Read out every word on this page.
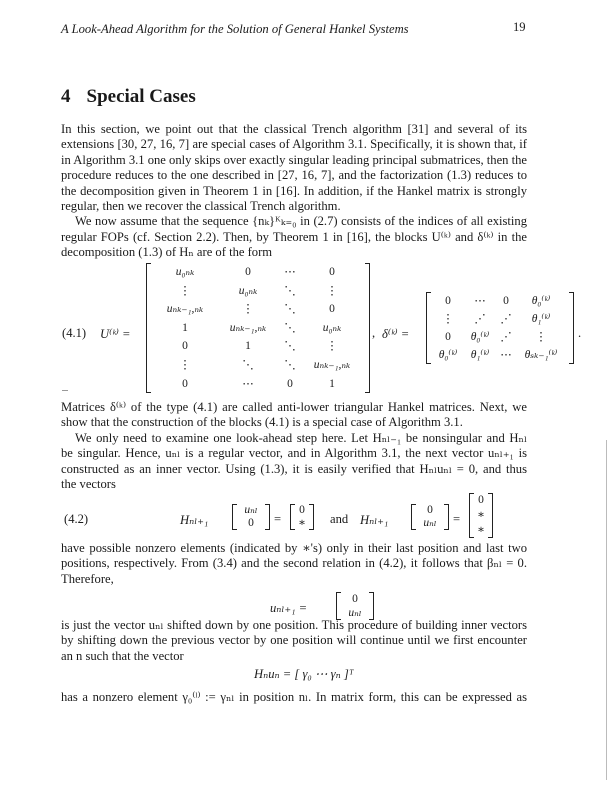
A Look-Ahead Algorithm for the Solution of General Hankel Systems	19
4 Special Cases
In this section, we point out that the classical Trench algorithm [31] and several of its
extensions [30, 27, 16, 7] are special cases of Algorithm 3.1. Specifically, it is shown that, if
in Algorithm 3.1 one only skips over exactly singular leading principal submatrices, then the
procedure reduces to the one described in [27, 16, 7], and the factorization (1.3) reduces to
the decomposition given in Theorem 1 in [16]. In addition, if the Hankel matrix is strongly
regular, then we recover the classical Trench algorithm.
We now assume that the sequence {nₖ}ᴷₖ₌₀ in (2.7) consists of the indices of all existing
regular FOPs (cf. Section 2.2). Then, by Theorem 1 in [16], the blocks U⁽ᵏ⁾ and δ⁽ᵏ⁾ in the
decomposition (1.3) of Hₙ are of the form
(4.1) U⁽ᵏ⁾ =
u₀ₙₖ	0	⋯	0
⋮	u₀ₙₖ	⋱	⋮
uₙₖ₋₁,ₙₖ	⋮	⋱	0
1	uₙₖ₋₁,ₙₖ	⋱	u₀ₙₖ
0	1	⋱	⋮
⋮	⋱	⋱	uₙₖ₋₁,ₙₖ
0	⋯	0	1
, δ⁽ᵏ⁾ =
0	⋯	0	θ₀⁽ᵏ⁾
⋮	⋰	⋰	θ₁⁽ᵏ⁾
0	θ₀⁽ᵏ⁾ ⋰	⋮
θ₀⁽ᵏ⁾	θ₁⁽ᵏ⁾ ⋯	θₛₖ₋₁⁽ᵏ⁾
.
Matrices δ⁽ᵏ⁾ of the type (4.1) are called anti-lower triangular Hankel matrices. Next, we
show that the construction of the blocks (4.1) is a special case of Algorithm 3.1.
We only need to examine one look-ahead step here. Let Hₙₗ₋₁ be nonsingular and Hₙₗ
be singular. Hence, uₙₗ is a regular vector, and in Algorithm 3.1, the next vector uₙₗ₊₁ is
constructed as an inner vector. Using (1.3), it is easily verified that Hₙₗuₙₗ = 0, and thus
the vectors
(4.2)	Hₙₗ₊₁
uₙₗ
0	=
0
∗ and Hₙₗ₊₁
0
uₙₗ	=
0
∗
∗
have possible nonzero elements (indicated by ∗'s) only in their last position and last two
positions, respectively. From (3.4) and the second relation in (4.2), it follows that βₙₗ = 0.
Therefore,
uₙₗ₊₁ =
0
uₙₗ
is just the vector uₙₗ shifted down by one position. This procedure of building inner vectors
by shifting down the previous vector by one position will continue until we first encounter
an n such that the vector
Hₙuₙ = [ γ₀ ⋯ γₙ ]ᵀ
has a nonzero element γ₀⁽ˡ⁾ := γₙₗ in position nₗ. In matrix form, this can be expressed as
